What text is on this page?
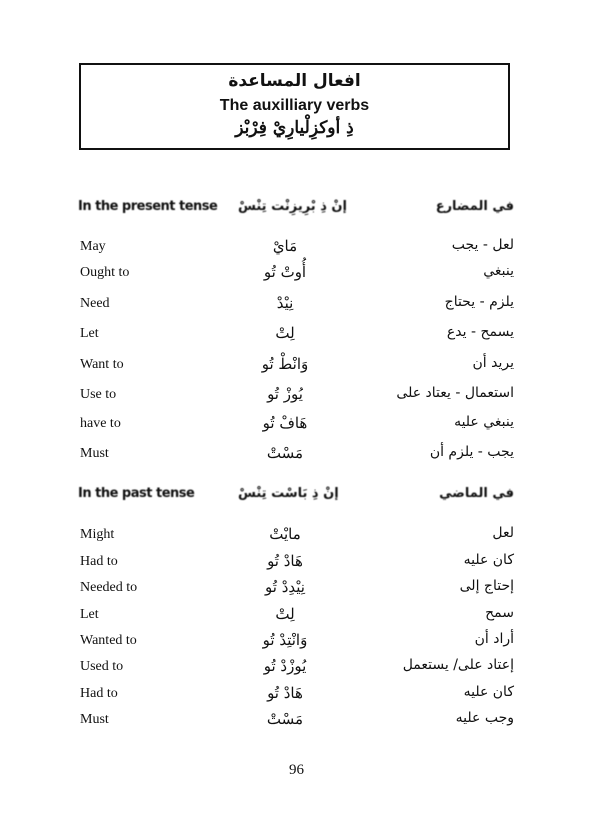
افعال المساعدة
The auxilliary verbs
ذِ أوكزِلْيارِيْ فِرْبْز
In the present tense إنْ ذِ بْرِيزِنْت تِنْسْ	في المضارع
May	مَايْ	لعل - يجب
Ought to	أُوتْ تُو	ينبغي
Need	نِيْدْ	يلزم - يحتاج
Let	لِتْ	يسمح - يدع
Want to	وَانْطْ تُو	يريد أن
Use to	يُوزْ تُو	استعمال - يعتاد على
have to	هَافْ تُو	ينبغي عليه
Must	مَسْتْ	يجب - يلزم أن
In the past tense	إنْ ذِ بَاسْت تِنْسْ	في الماضي
Might	مايْتْ	لعل
Had to	هَادْ تُو	كان عليه
Needed to	نِيْدِدْ تُو	إحتاج إلى
Let	لِتْ	سمح
Wanted to	وَانْتِدْ تُو	أراد أن
Used to	يُوزْدْ تُو	إعتاد على/ يستعمل
Had to	هَادْ تُو	كان عليه
Must	مَسْتْ	وجب عليه
96
